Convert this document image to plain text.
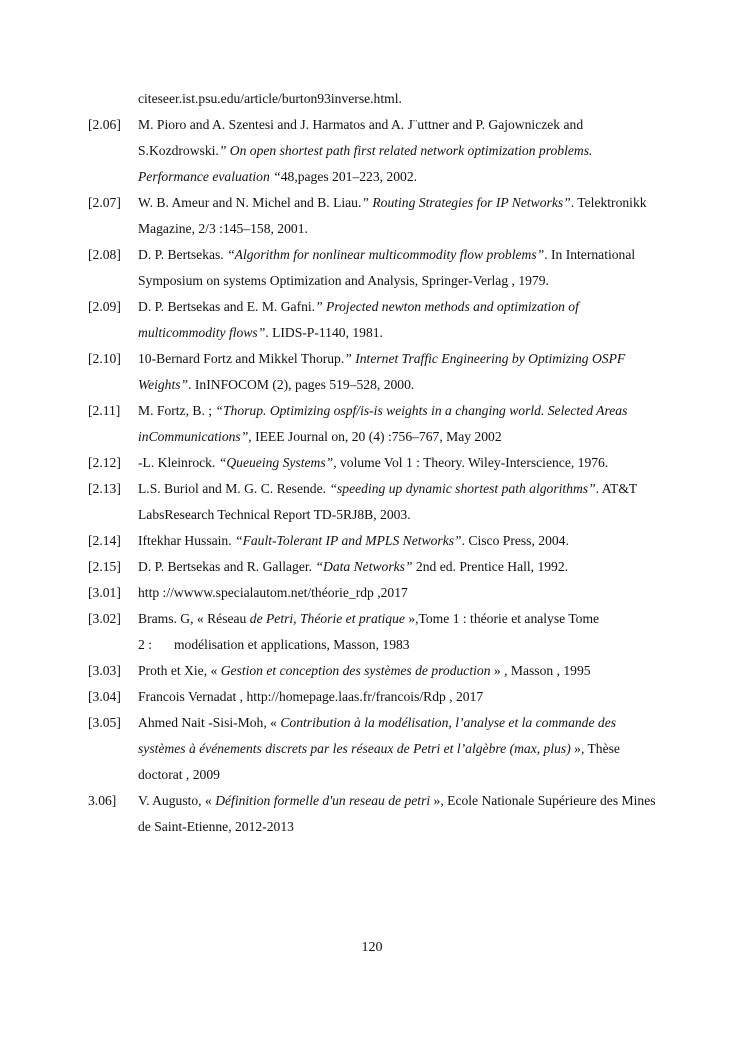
citeseer.ist.psu.edu/article/burton93inverse.html.
[2.06]	M. Pioro and A. Szentesi and J. Harmatos and A. J¨uttner and P. Gajowniczek and S.Kozdrowski.” On open shortest path first related network optimization problems. Performance evaluation “48,pages 201–223, 2002.
[2.07]	W. B. Ameur and N. Michel and B. Liau.” Routing Strategies for IP Networks”. Telektronikk Magazine, 2/3 :145–158, 2001.
[2.08]	D. P. Bertsekas. “Algorithm for nonlinear multicommodity flow problems”. In International Symposium on systems Optimization and Analysis, Springer-Verlag , 1979.
[2.09]	D. P. Bertsekas and E. M. Gafni.” Projected newton methods and optimization of multicommodity flows”. LIDS-P-1140, 1981.
[2.10]	10-Bernard Fortz and Mikkel Thorup.” Internet Traffic Engineering by Optimizing OSPF Weights”. InINFOCOM (2), pages 519–528, 2000.
[2.11]	M. Fortz, B. ; “Thorup. Optimizing ospf/is-is weights in a changing world. Selected Areas inCommunications”, IEEE Journal on, 20 (4) :756–767, May 2002
[2.12]	-L. Kleinrock. “Queueing Systems”, volume Vol 1 : Theory. Wiley-Interscience, 1976.
[2.13]	L.S. Buriol and M. G. C. Resende. “speeding up dynamic shortest path algorithms”. AT&T LabsResearch Technical Report TD-5RJ8B, 2003.
[2.14]	Iftekhar Hussain. “Fault-Tolerant IP and MPLS Networks”. Cisco Press, 2004.
[2.15]	D. P. Bertsekas and R. Gallager. “Data Networks” 2nd ed. Prentice Hall, 1992.
[3.01]	http ://wwww.specialautom.net/théorie_rdp ,2017
[3.02]	Brams. G, « Réseau de Petri, Théorie et pratique »,Tome 1 : théorie et analyse Tome
2 : modélisation et applications, Masson, 1983
[3.03]	Proth et Xie, « Gestion et conception des systèmes de production » , Masson , 1995
[3.04]	Francois Vernadat , http://homepage.laas.fr/francois/Rdp , 2017
[3.05]	Ahmed Nait -Sisi-Moh, « Contribution à la modélisation, l’analyse et la commande des systèmes à événements discrets par les réseaux de Petri et l’algèbre (max, plus) », Thèse doctorat , 2009
3.06]	V. Augusto, « Définition formelle d'un reseau de petri », Ecole Nationale Supérieure des Mines de Saint-Etienne, 2012-2013
120
